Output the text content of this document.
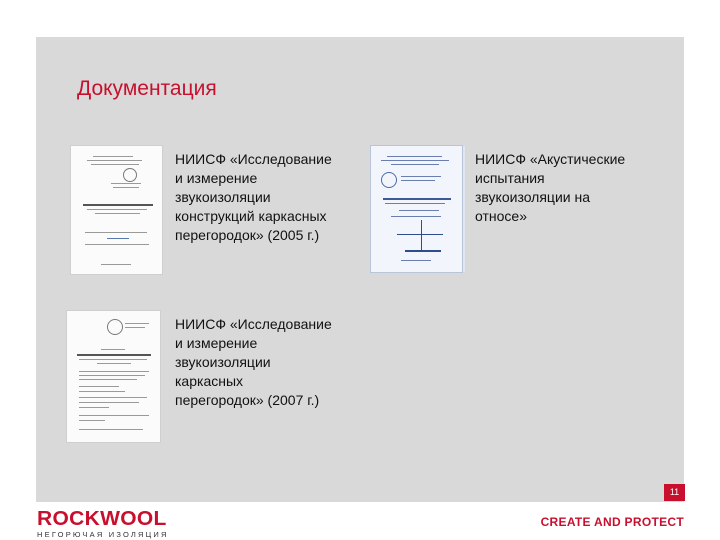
Документация

НИИСФ «Исследование
и измерение
звукоизоляции
конструкций каркасных
перегородок» (2005 г.)

НИИСФ «Акустические
испытания
звукоизоляции на
относе»

НИИСФ «Исследование
и измерение
звукоизоляции
каркасных
перегородок» (2007 г.)

11
ROCKWOOL
НЕГОРЮЧАЯ ИЗОЛЯЦИЯ
CREATE AND PROTECT
